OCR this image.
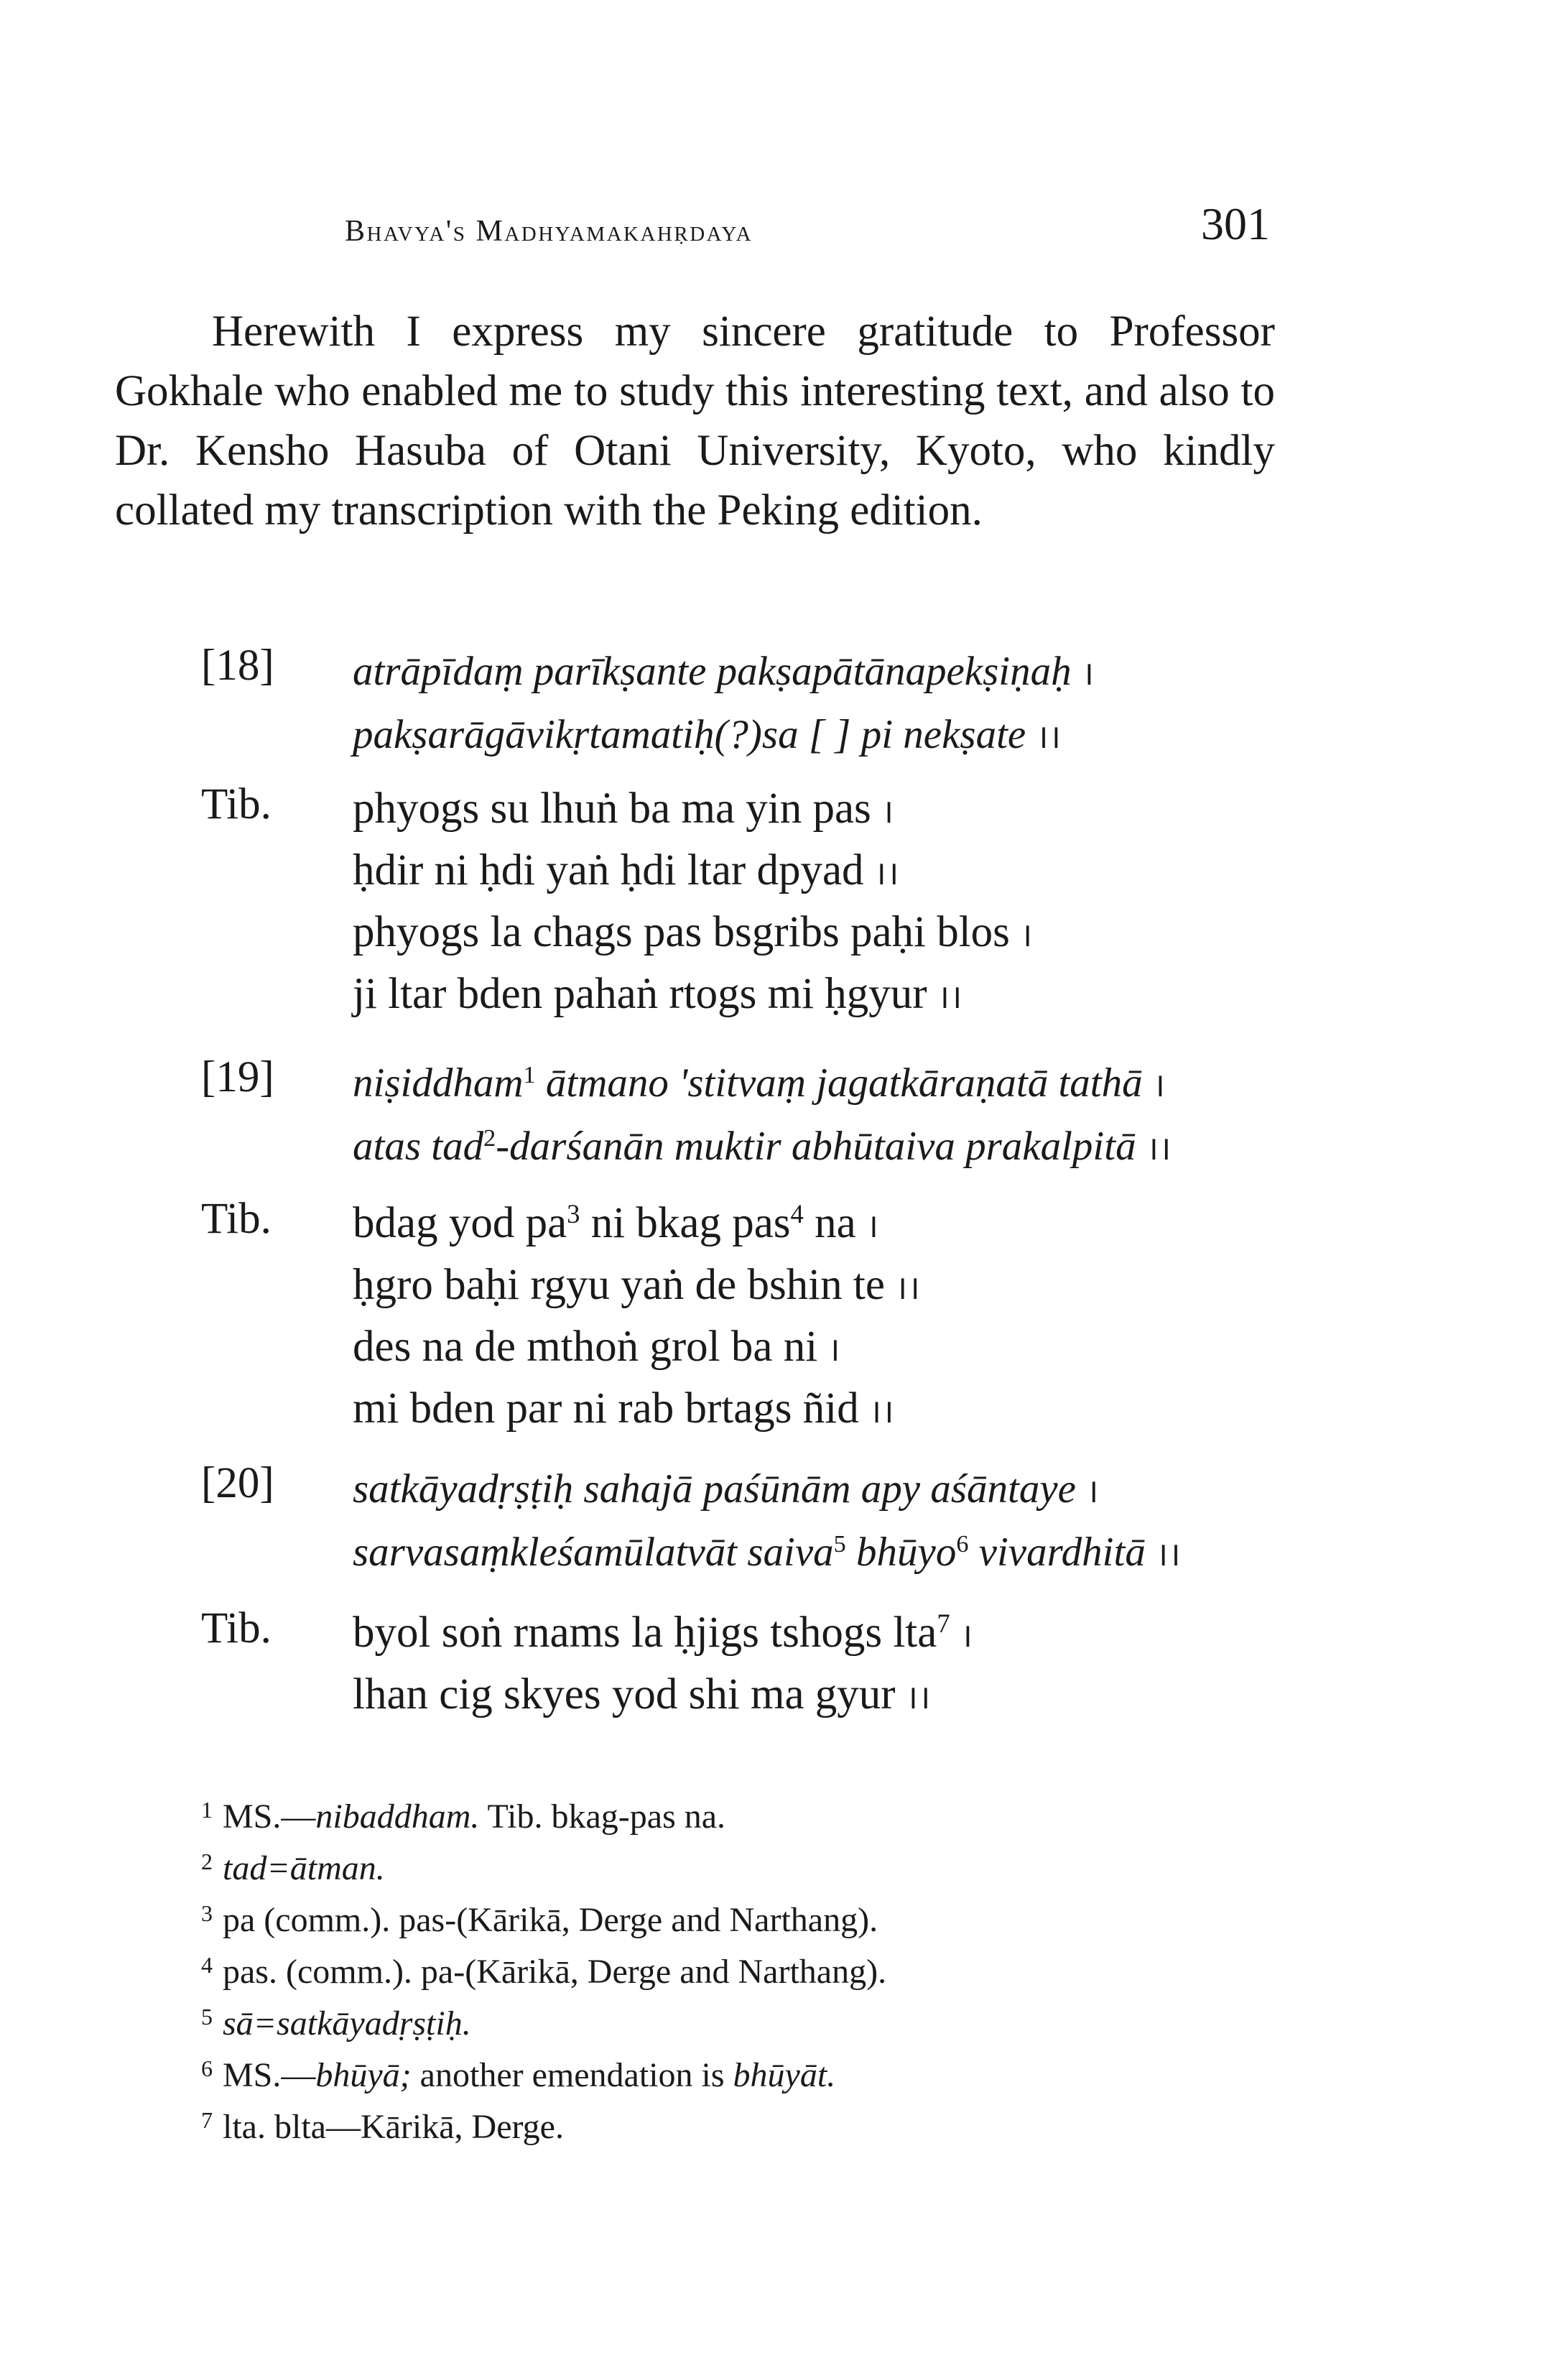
Bhavya's Madhyamakahṛdaya	301

Herewith I express my sincere gratitude to Professor Gokhale who enabled me to study this interesting text, and also to Dr. Kensho Hasuba of Otani University, Kyoto, who kindly collated my transcription with the Peking edition.

[18] atrāpīdaṃ parīkṣante pakṣapātānapekṣiṇaḥ ।
pakṣarāgāvikṛtamatiḥ(?)sa [ ] pi nekṣate ।।
Tib. phyogs su lhuṅ ba ma yin pas ।
ḥdir ni ḥdi yaṅ ḥdi ltar dpyad ।।
phyogs la chags pas bsgribs paḥi blos ।
ji ltar bden pahaṅ rtogs mi ḥgyur ।।
[19] niṣiddham$^1$ ātmano 'stitvaṃ jagatkāraṇatā tathā ।
atas tad$^2$-darśanān muktir abhūtaiva prakalpitā ।।
Tib. bdag yod $pa^3$ ni bkag pas$^4$ na ।
ḥgro baḥi rgyu yaṅ de bshin te ।।
des na de mthoṅ grol ba ni ।
mi bden par ni rab brtags ñid ।।
[20] satkāyadṛṣṭiḥ sahajā paśūnām apy aśāntaye ।
sarvasaṃkleśamūlatvāt saiva$^5$ bhūyo$^6$ vivardhitā ।।
Tib. byol soṅ rnams la ḥjigs tshogs lta$^7$ ।
lhan cig skyes yod shi ma gyur ।।
$^1$ MS.—nibaddham. Tib. bkag-pas na.
$^2$ tad=ātman.
$^3$ pa (comm.). pas-(Kārikā, Derge and Narthang).
$^4$ pas. (comm.). pa-(Kārikā, Derge and Narthang).
$^5$ sā=satkāyadṛṣṭiḥ.
$^6$ MS.—bhūyā; another emendation is bhūyāt.
$^7$ lta. blta—Kārikā, Derge.
